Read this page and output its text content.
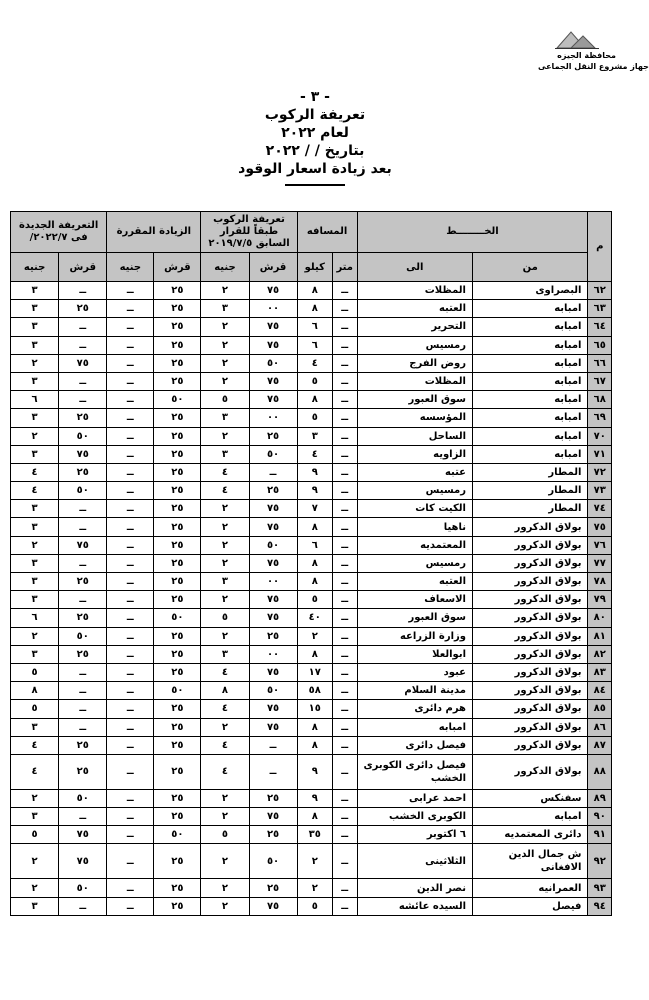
محافظة الجيزه
جهاز مشروع النقل الجماعى
- ٣ -
تعريفة الركوب
لعام ٢٠٢٢
بتاريخ / / ٢٠٢٢
بعد زيادة اسعار الوقود
م	الخــــــــط		المسافه		تعريفة الركوب طبقاً للقرار السابق ٢٠١٩/٧/٥		الزيادة المقررة		التعريفة الجديدة فى ٢٠٢٢/٧/	
	من	الى	متر	كيلو	قرش	جنيه	قرش	جنيه	قرش	جنيه
٦٢	البصراوى	المظلات	ــ	٨	٧٥	٢	٢٥	ــ	ــ	٣
٦٣	امبابه	العتبه	ــ	٨	٠٠	٣	٢٥	ــ	٢٥	٣
٦٤	امبابه	التحرير	ــ	٦	٧٥	٢	٢٥	ــ	ــ	٣
٦٥	امبابه	رمسيس	ــ	٦	٧٥	٢	٢٥	ــ	ــ	٣
٦٦	امبابه	روض الفرج	ــ	٤	٥٠	٢	٢٥	ــ	٧٥	٢
٦٧	امبابه	المظلات	ــ	٥	٧٥	٢	٢٥	ــ	ــ	٣
٦٨	امبابه	سوق العبور	ــ	٨	٧٥	٥	٥٠	ــ	ــ	٦
٦٩	امبابه	المؤسسه	ــ	٥	٠٠	٣	٢٥	ــ	٢٥	٣
٧٠	امبابه	الساحل	ــ	٣	٢٥	٢	٢٥	ــ	٥٠	٢
٧١	امبابه	الزاويه	ــ	٤	٥٠	٣	٢٥	ــ	٧٥	٣
٧٢	المطار	عتبه	ــ	٩	ــ	٤	٢٥	ــ	٢٥	٤
٧٣	المطار	رمسيس	ــ	٩	٢٥	٤	٢٥	ــ	٥٠	٤
٧٤	المطار	الكيت كات	ــ	٧	٧٥	٢	٢٥	ــ	ــ	٣
٧٥	بولاق الدكرور	ناهيا	ــ	٨	٧٥	٢	٢٥	ــ	ــ	٣
٧٦	بولاق الدكرور	المعتمديه	ــ	٦	٥٠	٢	٢٥	ــ	٧٥	٢
٧٧	بولاق الدكرور	رمسيس	ــ	٨	٧٥	٢	٢٥	ــ	ــ	٣
٧٨	بولاق الدكرور	العتبه	ــ	٨	٠٠	٣	٢٥	ــ	٢٥	٣
٧٩	بولاق الدكرور	الاسعاف	ــ	٥	٧٥	٢	٢٥	ــ	ــ	٣
٨٠	بولاق الدكرور	سوق العبور	ــ	٤٠	٧٥	٥	٥٠	ــ	٢٥	٦
٨١	بولاق الدكرور	وزارة الزراعه	ــ	٢	٢٥	٢	٢٥	ــ	٥٠	٢
٨٢	بولاق الدكرور	ابوالعلا	ــ	٨	٠٠	٣	٢٥	ــ	٢٥	٣
٨٣	بولاق الدكرور	عبود	ــ	١٧	٧٥	٤	٢٥	ــ	ــ	٥
٨٤	بولاق الدكرور	مدينة السلام	ــ	٥٨	٥٠	٨	٥٠	ــ	ــ	٨
٨٥	بولاق الدكرور	هرم دائرى	ــ	١٥	٧٥	٤	٢٥	ــ	ــ	٥
٨٦	بولاق الدكرور	امبابه	ــ	٨	٧٥	٢	٢٥	ــ	ــ	٣
٨٧	بولاق الدكرور	فيصل دائرى	ــ	٨	ــ	٤	٢٥	ــ	٢٥	٤
٨٨	بولاق الدكرور	فيصل دائرى الكوبرى الخشب	ــ	٩	ــ	٤	٢٥	ــ	٢٥	٤
٨٩	سفنكس	احمد عرابى	ــ	٩	٢٥	٢	٢٥	ــ	٥٠	٢
٩٠	امبابه	الكوبرى الخشب	ــ	٨	٧٥	٢	٢٥	ــ	ــ	٣
٩١	دائرى المعتمديه	٦ اكتوبر	ــ	٣٥	٢٥	٥	٥٠	ــ	٧٥	٥
٩٢	ش جمال الدين الافغانى	الثلاثينى	ــ	٢	٥٠	٢	٢٥	ــ	٧٥	٢
٩٣	العمرانيه	نصر الدين	ــ	٢	٢٥	٢	٢٥	ــ	٥٠	٢
٩٤	فيصل	السيده عائشه	ــ	٥	٧٥	٢	٢٥	ــ	ــ	٣
